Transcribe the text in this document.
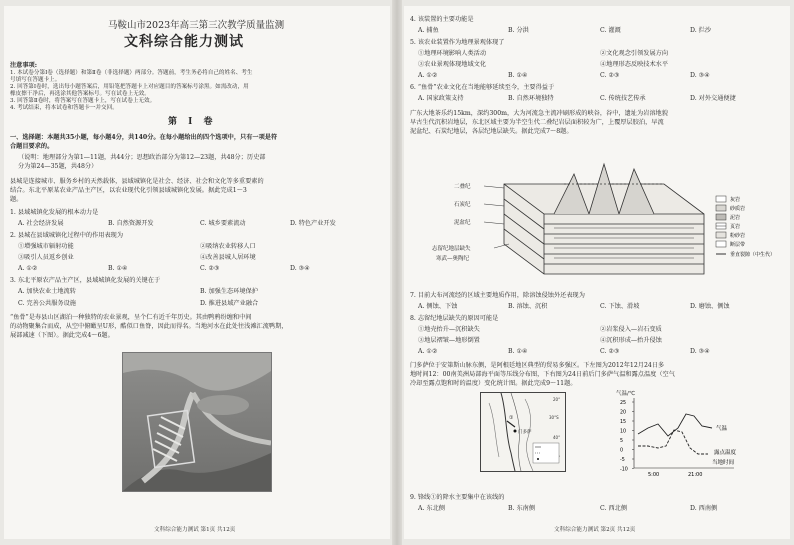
马鞍山市2023年高三第三次教学质量监测
文科综合能力测试
注意事项:
1. 本试卷分第Ⅰ卷（选择题）和第Ⅱ卷（非选择题）两部分。答题前，考生务必将自己的姓名、考生
号填写在答题卡上。
2. 回答第Ⅰ卷时，选出每小题答案后，用铅笔把答题卡上对应题目的答案标号涂黑。如需改动，用
橡皮擦干净后，再选涂其他答案标号。写在试卷上无效。
3. 回答第Ⅱ卷时，将答案写在答题卡上，写在试卷上无效。
4. 考试结束，将本试卷和答题卡一并交回。
第 Ⅰ 卷
一、选择题：本题共35小题，每小题4分，共140分。在每小题给出的四个选项中，只有一项是符
合题目要求的。
（说明：地理部分为第1—11题，共44分；思想政治部分为第12—23题，共48分；历史部
分为第24—35题，共48分）
县城是连接城市、服务乡村的天然载体，县域城镇化是社会、经济、社会和文化等多重要素的
结合。东北平原某农业产品主产区，以农业现代化引领县域城镇化发展。据此完成1～3
题。
1. 县域城镇化发展的根本动力是
A. 社会经济发展	B. 自然资源开发	C. 城乡要素流动	D. 特色产业开发
2. 县城在县域城镇化过程中的作用表现为
①增强城市辐射功能	②吸纳农业转移人口
③吸引人员返乡创业	④改善县城人居环境
A. ①②	B. ①④	C. ②③	D. ③④
3. 东北平原农产品主产区，县域城镇化发展的关键在于
A. 加快农业土地流转	B. 加强生态环境保护
C. 完善公共服务设施	D. 推进县域产业融合
“鱼骨”是寿县山区湖泊一种独特的农业景观，呈个仁有近千年历史。其由鸭鸦纷缠和中间
的动物聚集合而成，从空中俯瞰呈U形，酷似口鱼脊，因此而得名。当地河水在此处往浅滩汇流鸭期，
展部减速（下图）。据此完成4～6题。
文科综合能力测试 第1页 共12页
4. 该装置的主要功能是
A. 捕鱼	B. 分洪	C. 灌溉	D. 拦沙
5. 该农业装置作为地理景观体现了
①地理环境影响人类活动	②文化观念引领发展方向
③农业景观体现地域文化	④地理形态反映技术水平
A. ①②	B. ①④	C. ②③	D. ③④
6. “鱼骨”农业文化在当地能够延续至今，主要得益于
A. 国家政策支持	B. 自然环境独特	C. 传统技艺传承	D. 对外交通便捷
广东大地茶乐约15km，深约300m，大为河流急主流冲刷形成的峡谷，谷中，遗址为岩溶地貌
早古生代沉积岩地层，东北区域主要为半空生代二叠纪岩层面积较为广，上覆厚层胶泊，早流
泥盆纪、石炭纪地层，各层纪地层缺失。据此完成7～8题。
二叠纪
石炭纪
泥盆纪
志留纪地层缺失
寒武—奥陶纪
灰岩
砂质岩
泥岩
页岩
粉砂岩
断层带
垂直裂隙（中生代）
7. 目前大布河流经的区域主要地质作用，除溶蚀侵蚀外还表现为
A. 侧蚀、下蚀	B. 溶蚀、沉积	C. 下蚀、滑坡	D. 磨蚀、侧蚀
8. 志留纪地层缺失的原因可能是
①地壳抬升—沉积缺失	②岩浆侵入—岩石变质
③地层褶皱—地形倒置	④沉积形成—抬升侵蚀
A. ①②	B. ①④	C. ②③	D. ③④
门多萨位于安第斯山脉东侧，是阿根廷地区典型的贸易多强区。下左图为2012年12月24日多
地时间12：00南美洲局部海平面等压线分布图，下右图为24日前后门多萨气温和露点温度（空气
冷却至露点饱和时的温度）变化统计图。据此完成9～11题。
①
门多萨
20°
30°S
40°
气温/℃
25
20
15
10
5
0
-5
-10
5:00	21:00
气温
露点温度
当地时间
9. 锋线①的降水主要集中在该线的
A. 东北侧	B. 东南侧	C. 西北侧	D. 西南侧
文科综合能力测试 第2页 共12页
